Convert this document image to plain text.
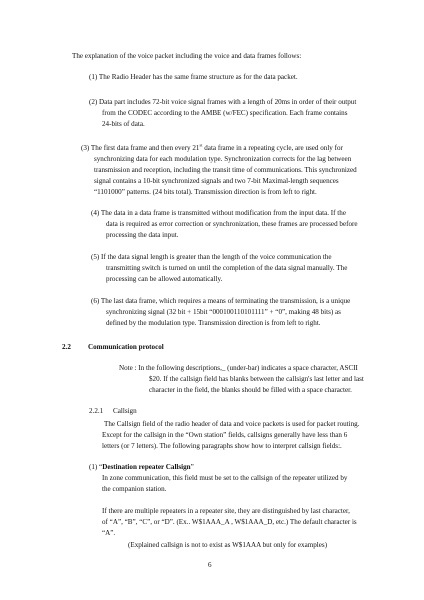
The explanation of the voice packet including the voice and data frames follows:
(1) The Radio Header has the same frame structure as for the data packet.
(2) Data part includes 72-bit voice signal frames with a length of 20ms in order of their output
from the CODEC according to the AMBE (w/FEC) specification. Each frame contains
24-bits of data.
(3) The first data frame and then every 21st data frame in a repeating cycle, are used only for
synchronizing data for each modulation type. Synchronization corrects for the lag between
transmission and reception, including the transit time of communications. This synchronized
signal contains a 10-bit synchronized signals and two 7-bit Maximal-length sequences
“1101000” patterns. (24 bits total). Transmission direction is from left to right.
(4) The data in a data frame is transmitted without modification from the input data. If the
data is required as error correction or synchronization, these frames are processed before
processing the data input.
(5) If the data signal length is greater than the length of the voice communication the
transmitting switch is turned on until the completion of the data signal manually. The
processing can be allowed automatically.
(6) The last data frame, which requires a means of terminating the transmission, is a unique
synchronizing signal (32 bit + 15bit “000100110101111” + “0”, making 48 bits) as
defined by the modulation type. Transmission direction is from left to right.
2.2 Communication protocol
Note : In the following descriptions,_ (under-bar) indicates a space character, ASCII
$20. If the callsign field has blanks between the callsign's last letter and last
character in the field, the blanks should be filled with a space character.
2.2.1 Callsign
The Callsign field of the radio header of data and voice packets is used for packet routing.
Except for the callsign in the “Own station” fields, callsigns generally have less than 6
letters (or 7 letters). The following paragraphs show how to interpret callsign fields:.
(1) “Destination repeater Callsign”
In zone communication, this field must be set to the callsign of the repeater utilized by
the companion station.
If there are multiple repeaters in a repeater site, they are distinguished by last character,
of “A”, “B”, “C”, or “D”. (Ex.. W$1AAA_A , W$1AAA_D, etc.) The default character is
“A”.
(Explained callsign is not to exist as W$1AAA but only for examples)
6
